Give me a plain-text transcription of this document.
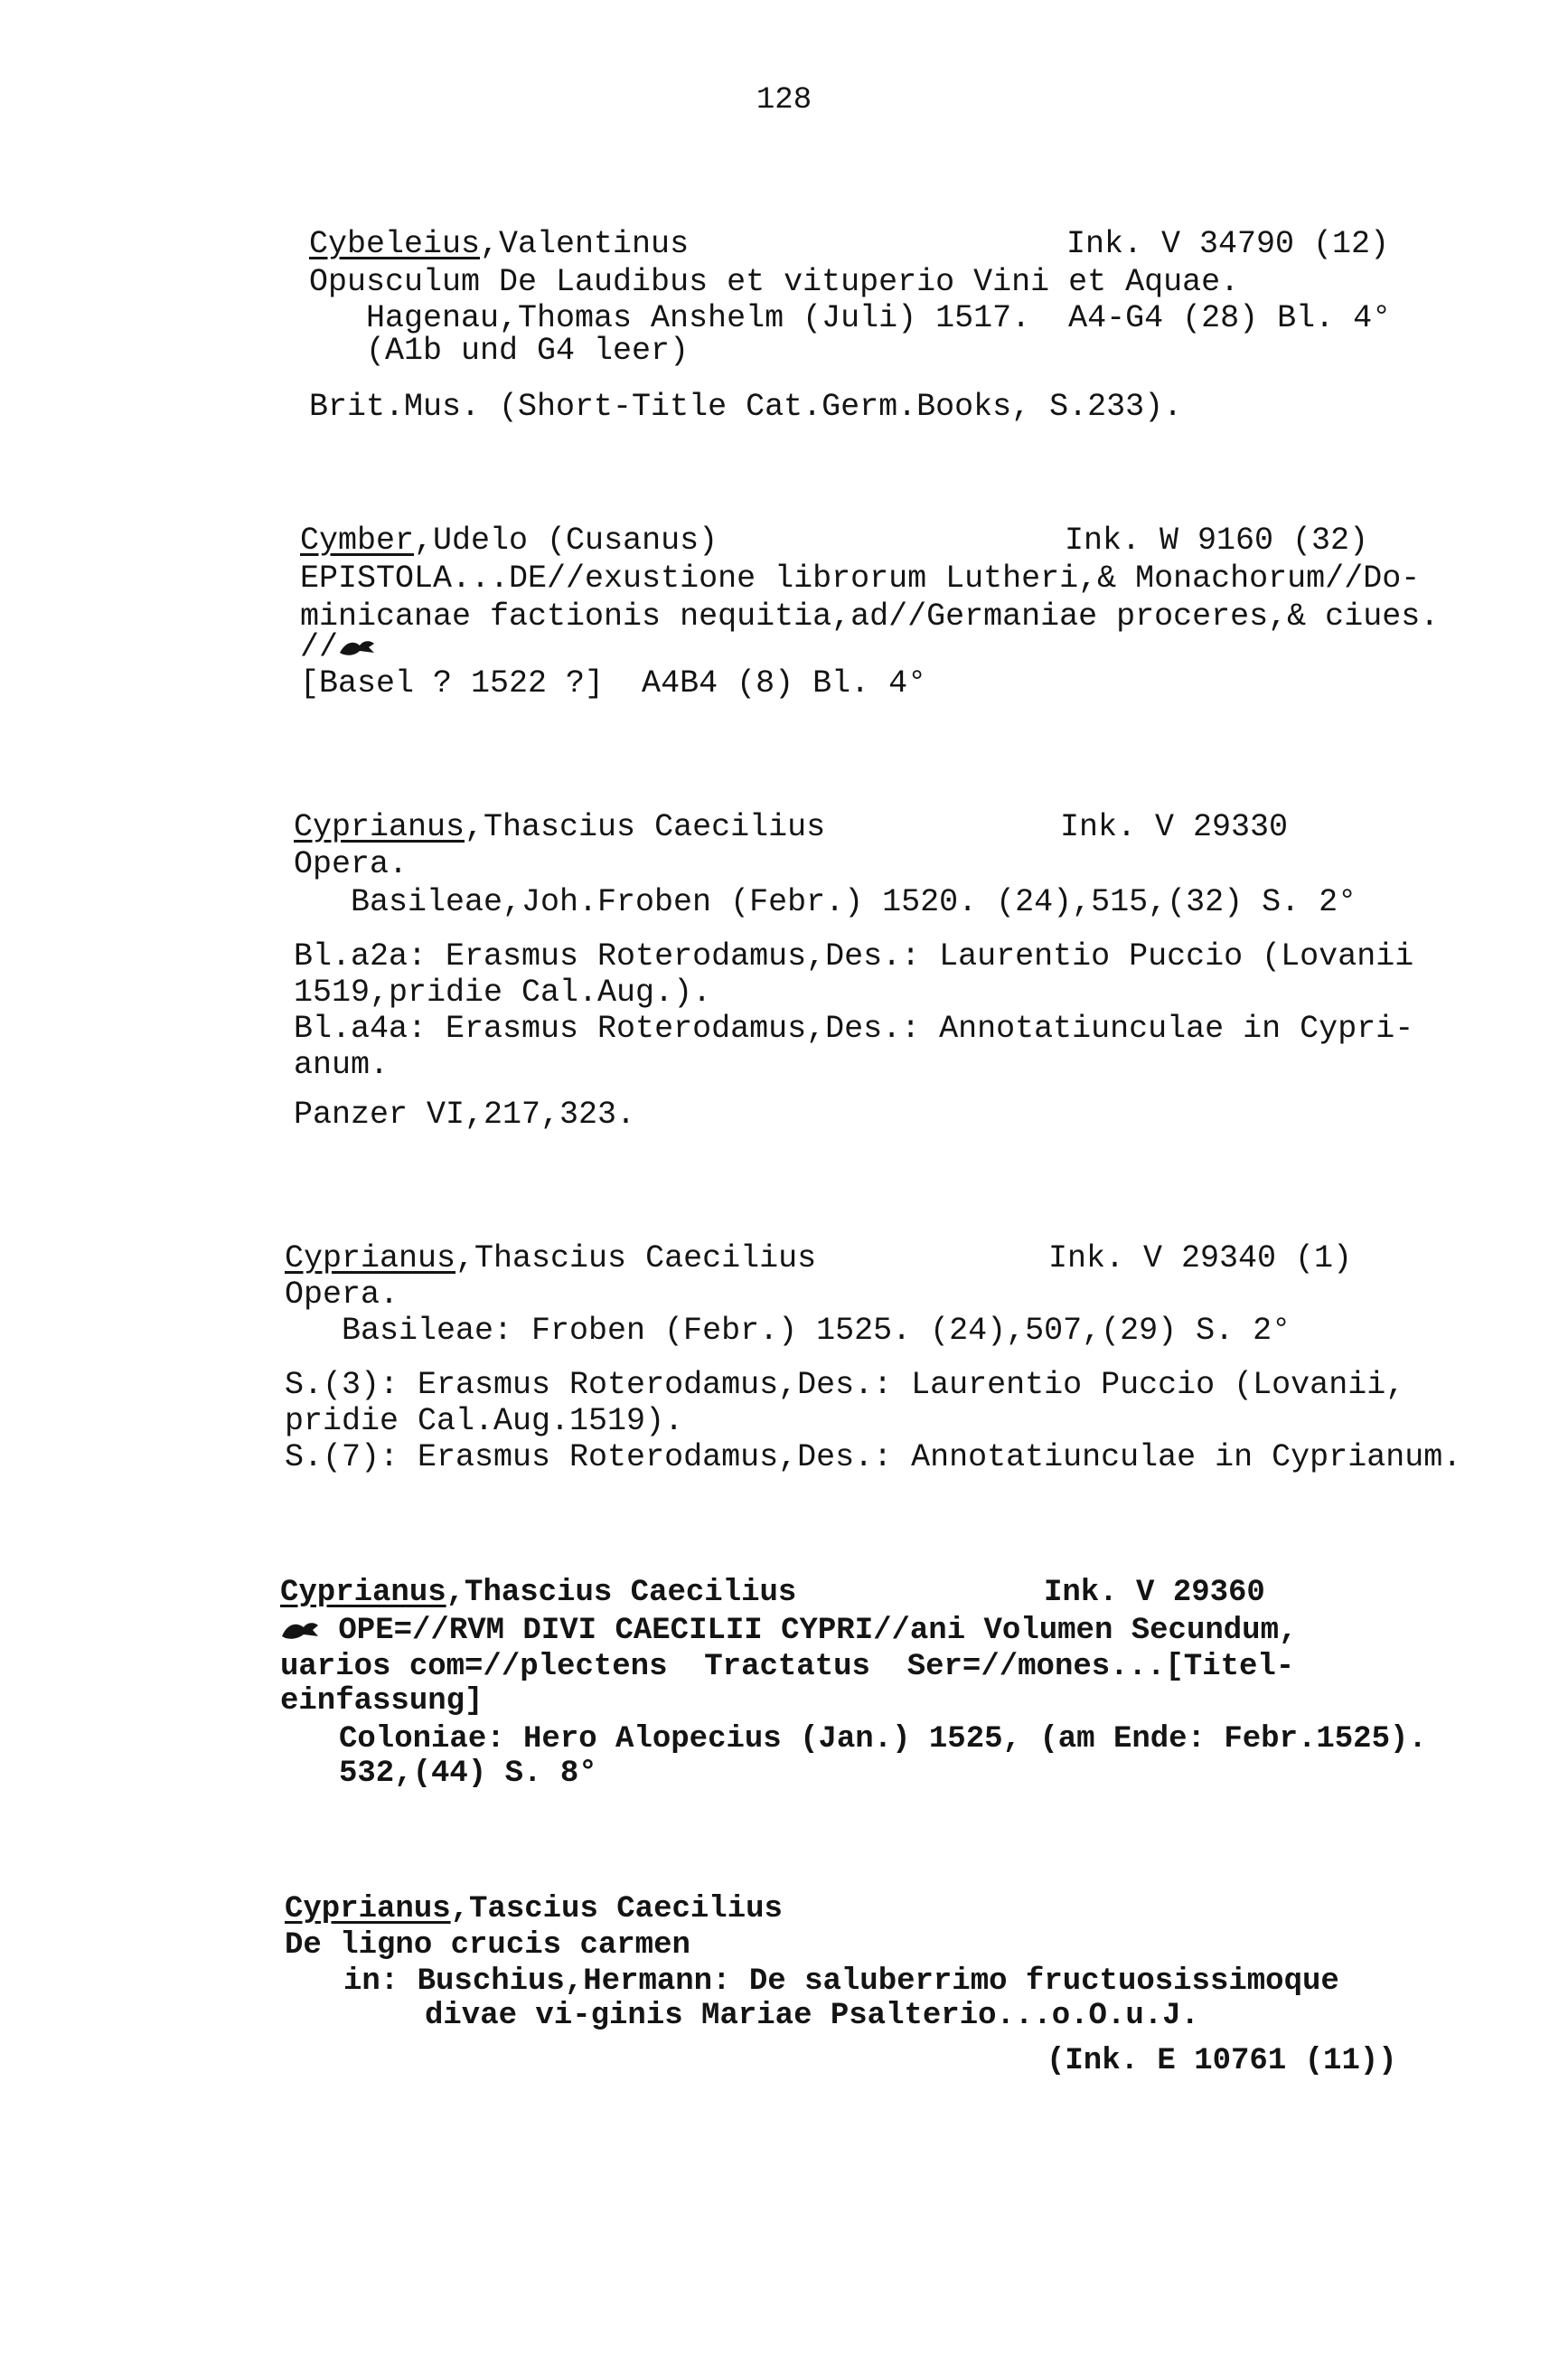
128
Cybeleius,Valentinus	Ink. V 34790 (12)
Opusculum De Laudibus et vituperio Vini et Aquae.
Hagenau,Thomas Anshelm (Juli) 1517.  A4-G4 (28) Bl. 4°
(A1b und G4 leer)
Brit.Mus. (Short-Title Cat.Germ.Books, S.233).
Cymber,Udelo (Cusanus)	Ink. W 9160 (32)
EPISTOLA...DE//exustione librorum Lutheri,& Monachorum//Do-
minicanae factionis nequitia,ad//Germaniae proceres,& ciues.
//
[Basel ? 1522 ?]  A4B4 (8) Bl. 4°
Cyprianus,Thascius Caecilius	Ink. V 29330
Opera.
Basileae,Joh.Froben (Febr.) 1520. (24),515,(32) S. 2°
Bl.a2a: Erasmus Roterodamus,Des.: Laurentio Puccio (Lovanii
1519,pridie Cal.Aug.).
Bl.a4a: Erasmus Roterodamus,Des.: Annotatiunculae in Cypri-
anum.
Panzer VI,217,323.
Cyprianus,Thascius Caecilius	Ink. V 29340 (1)
Opera.
Basileae: Froben (Febr.) 1525. (24),507,(29) S. 2°
S.(3): Erasmus Roterodamus,Des.: Laurentio Puccio (Lovanii,
pridie Cal.Aug.1519).
S.(7): Erasmus Roterodamus,Des.: Annotatiunculae in Cyprianum.
Cyprianus,Thascius Caecilius	Ink. V 29360
OPE=//RVM DIVI CAECILII CYPRI//ani Volumen Secundum,
uarios com=//plectens  Tractatus  Ser=//mones...[Titel-
einfassung]
Coloniae: Hero Alopecius (Jan.) 1525, (am Ende: Febr.1525).
532,(44) S. 8°
Cyprianus,Tascius Caecilius
De ligno crucis carmen
in: Buschius,Hermann: De saluberrimo fructuosissimoque
divae vi-ginis Mariae Psalterio...o.O.u.J.
(Ink. E 10761 (11))
